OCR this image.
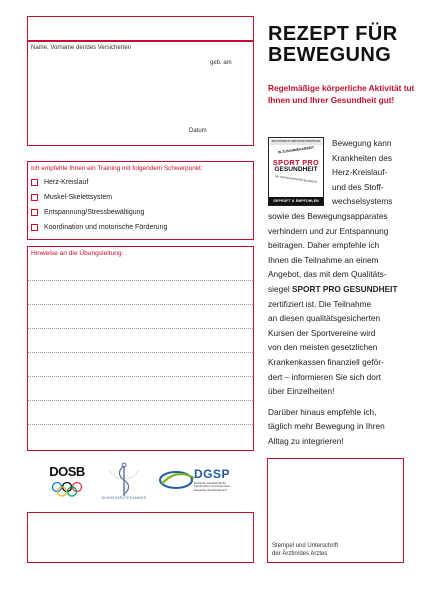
Name, Vorname der/des Versicherten
geb. am
Datum
Ich empfehle Ihnen ein Training mit folgendem Schwerpunkt:
Herz-Kreislauf
Muskel-Skelettsystem
Entspannung/Stressbewältigung
Koordination und motorische Förderung
Hinweise an die Übungsleitung:
DOSB
BUNDESÄRZTEKAMMER
DGSP
Deutsche Gesellschaft für Sportmedizin und Prävention – Deutscher Sportärztebund
REZEPT FÜR
BEWEGUNG
Regelmäßige körperliche Aktivität tut Ihnen und Ihrer Gesundheit gut!
DEUTSCHER OLYMPISCHER SPORTBUND
IN ZUSAMMENARBEIT
SPORT PRO
GESUNDHEIT
MIT DER BUNDESÄRZTEKAMMER
GEPRÜFT & EMPFOHLEN
Bewegung kann
Krankheiten des
Herz-Kreislauf-
und des Stoff-
wechselsystems
sowie des Bewegungsapparates
verhindern und zur Entspannung
beitragen. Daher empfehle ich
Ihnen die Teilnahme an einem
Angebot, das mit dem Qualitäts-
siegel SPORT PRO GESUNDHEIT
zertifiziert ist. Die Teilnahme
an diesen qualitätsgesicherten
Kursen der Sportvereine wird
von den meisten gesetzlichen
Krankenkassen finanziell geför-
dert – informieren Sie sich dort
über Einzelheiten!
Darüber hinaus empfehle ich,
täglich mehr Bewegung in Ihren
Alltag zu integrieren!
Stempel und Unterschrift
der Ärztin/des Arztes
